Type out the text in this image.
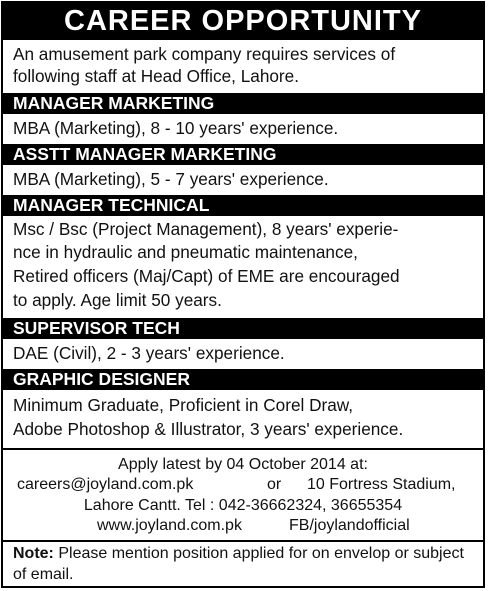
CAREER OPPORTUNITY
An amusement park company requires services of
following staff at Head Office, Lahore.
MANAGER MARKETING
MBA (Marketing), 8 - 10 years' experience.
ASSTT MANAGER MARKETING
MBA (Marketing), 5 - 7 years' experience.
MANAGER TECHNICAL
Msc / Bsc (Project Management), 8 years' experie-
nce in hydraulic and pneumatic maintenance,
Retired officers (Maj/Capt) of EME are encouraged
to apply. Age limit 50 years.
SUPERVISOR TECH
DAE (Civil), 2 - 3 years' experience.
GRAPHIC DESIGNER
Minimum Graduate, Proficient in Corel Draw,
Adobe Photoshop & Illustrator, 3 years' experience.
Apply latest by 04 October 2014 at:
careers@joyland.com.pk	or 10 Fortress Stadium,
Lahore Cantt. Tel : 042-36662324, 36655354
www.joyland.com.pk	FB/joylandofficial
Note: Please mention position applied for on envelop or subject of email.
